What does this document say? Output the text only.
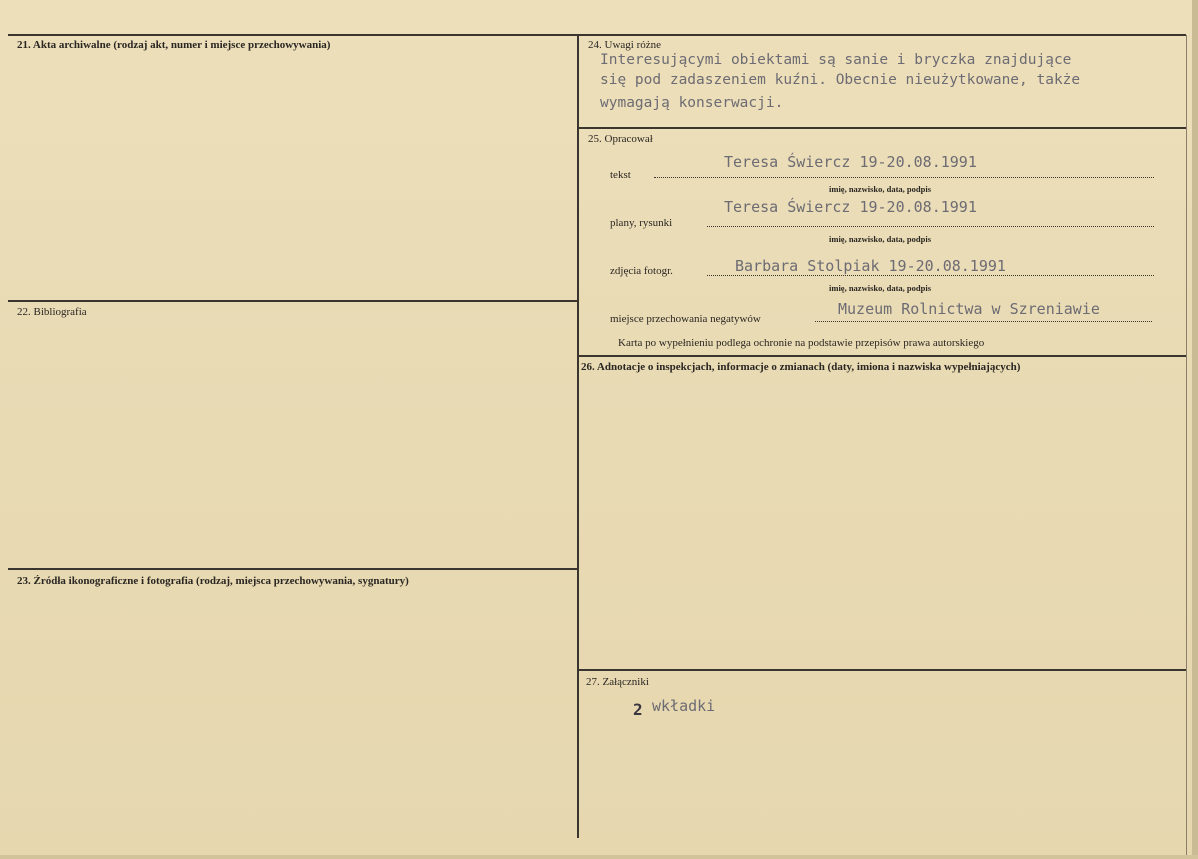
21. Akta archiwalne (rodzaj akt, numer i miejsce przechowywania)
22. Bibliografia
23. Źródła ikonograficzne i fotografia (rodzaj, miejsca przechowywania, sygnatury)
24. Uwagi różne
Interesującymi obiektami są sanie i bryczka znajdujące
się pod zadaszeniem kuźni. Obecnie nieużytkowane, także
wymagają konserwacji.
25. Opracował
Teresa Świercz 19-20.08.1991
tekst
imię, nazwisko, data, podpis
Teresa Świercz 19-20.08.1991
plany, rysunki
imię, nazwisko, data, podpis
Barbara Stolpiak 19-20.08.1991
zdjęcia fotogr.
imię, nazwisko, data, podpis
Muzeum Rolnictwa w Szreniawie
miejsce przechowania negatywów
Karta po wypełnieniu podlega ochronie na podstawie przepisów prawa autorskiego
26. Adnotacje o inspekcjach, informacje o zmianach (daty, imiona i nazwiska wypełniających)
27. Załączniki
2 wkładki
